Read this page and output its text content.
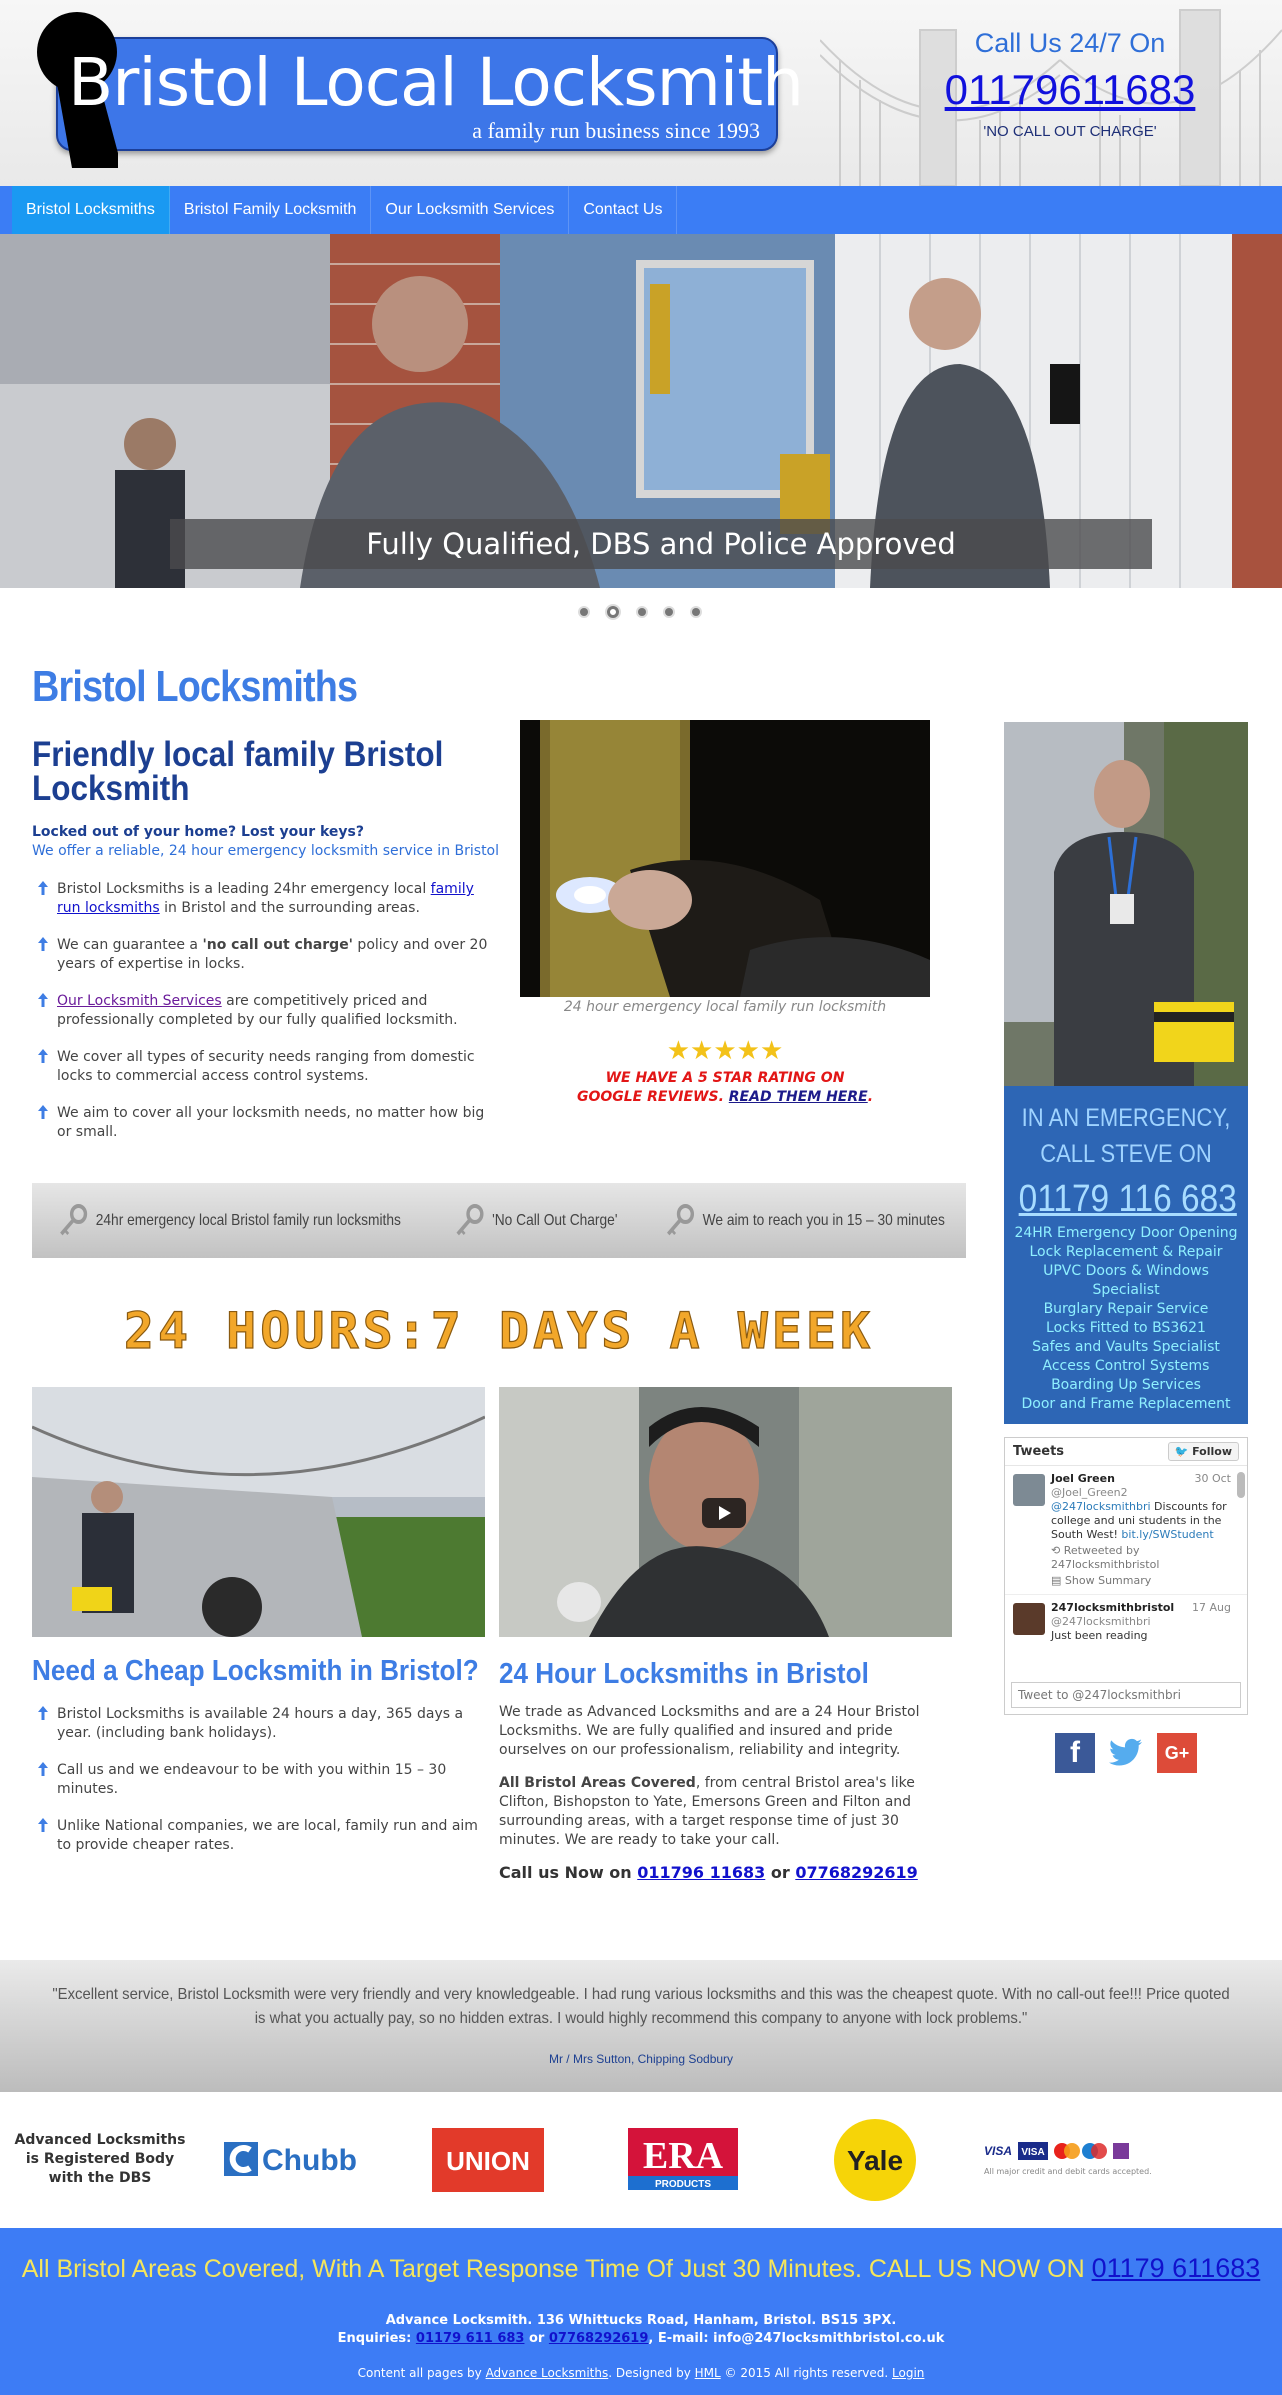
Bristol Local Locksmith
a family run business since 1993
Call Us 24/7 On
01179611683
'NO CALL OUT CHARGE'
Bristol Locksmiths	Bristol Family Locksmith	Our Locksmith Services	Contact Us
Fully Qualified, DBS and Police Approved
Bristol Locksmiths
Friendly local family Bristol Locksmith
Locked out of your home? Lost your keys?
We offer a reliable, 24 hour emergency locksmith service in Bristol
Bristol Locksmiths is a leading 24hr emergency local family run locksmiths in Bristol and the surrounding areas.
We can guarantee a 'no call out charge' policy and over 20 years of expertise in locks.
Our Locksmith Services are competitively priced and professionally completed by our fully qualified locksmith.
We cover all types of security needs ranging from domestic locks to commercial access control systems.
We aim to cover all your locksmith needs, no matter how big or small.
24 hour emergency local family run locksmith
★★★★★
WE HAVE A 5 STAR RATING ON
GOOGLE REVIEWS. READ THEM HERE.
24hr emergency local Bristol family run locksmiths	'No Call Out Charge'	We aim to reach you in 15 – 30 minutes
24 HOURS:7 DAYS A WEEK
Need a Cheap Locksmith in Bristol?
Bristol Locksmiths is available 24 hours a day, 365 days a year. (including bank holidays).
Call us and we endeavour to be with you within 15 – 30 minutes.
Unlike National companies, we are local, family run and aim to provide cheaper rates.
24 Hour Locksmiths in Bristol
We trade as Advanced Locksmiths and are a 24 Hour Bristol Locksmiths. We are fully qualified and insured and pride ourselves on our professionalism, reliability and integrity.
All Bristol Areas Covered, from central Bristol area's like Clifton, Bishopston to Yate, Emersons Green and Filton and surrounding areas, with a target response time of just 30 minutes. We are ready to take your call.
Call us Now on 011796 11683 or 07768292619
IN AN EMERGENCY,
CALL STEVE ON
01179 116 683
24HR Emergency Door Opening
Lock Replacement & Repair
UPVC Doors & Windows
Specialist
Burglary Repair Service
Locks Fitted to BS3621
Safes and Vaults Specialist
Access Control Systems
Boarding Up Services
Door and Frame Replacement
Tweets	🐦 Follow
Joel Green
@Joel_Green2
30 Oct
@247locksmithbri Discounts for college and uni students in the South West! bit.ly/SWStudent
⟲ Retweeted by 247locksmithbristol
▤ Show Summary
247locksmithbristol
@247locksmithbri
17 Aug
Just been reading
Tweet to @247locksmithbri
f	G+
"Excellent service, Bristol Locksmith were very friendly and very knowledgeable. I had rung various locksmiths and this was the cheapest quote. With no call-out fee!!! Price quoted is what you actually pay, so no hidden extras. I would highly recommend this company to anyone with lock problems."
Mr / Mrs Sutton, Chipping Sodbury
Advanced Locksmiths is Registered Body with the DBS
Chubb	UNION	ERA
PRODUCTS
Yale	VISA VISA
All major credit and debit cards accepted.
All Bristol Areas Covered, With A Target Response Time Of Just 30 Minutes. CALL US NOW ON 01179 611683
Advance Locksmith. 136 Whittucks Road, Hanham, Bristol. BS15 3PX.
Enquiries: 01179 611 683 or 07768292619, E-mail: info@247locksmithbristol.co.uk
Content all pages by Advance Locksmiths. Designed by HML © 2015 All rights reserved. Login
